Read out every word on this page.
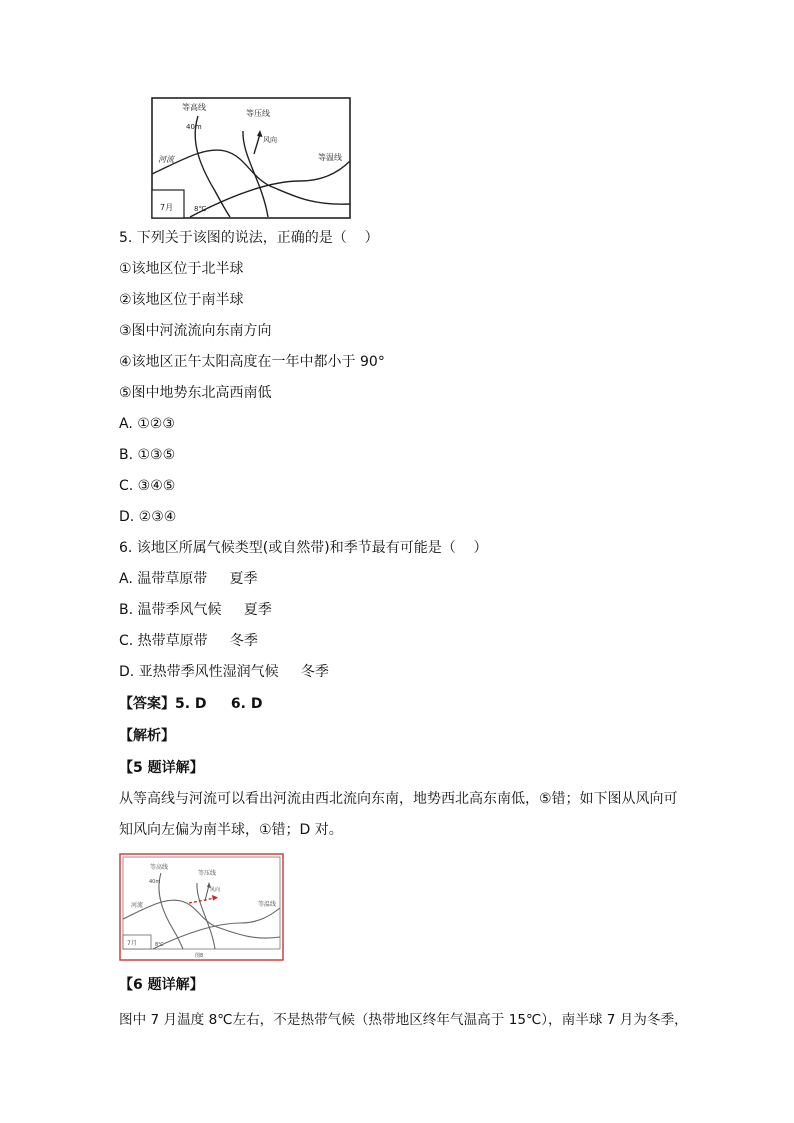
等高线
40m
等压线
风向
河流	等温线
7月	8℃
5. 下列关于该图的说法，正确的是（    ）
①该地区位于北半球
②该地区位于南半球
③图中河流流向东南方向
④该地区正午太阳高度在一年中都小于 90°
⑤图中地势东北高西南低
A. ①②③
B. ①③⑤
C. ③④⑤
D. ②③④
6. 该地区所属气候类型(或自然带)和季节最有可能是（    ）
A. 温带草原带     夏季
B. 温带季风气候     夏季
C. 热带草原带     冬季
D. 亚热带季风性湿润气候     冬季
【答案】5. D     6. D
【解析】
【5 题详解】
从等高线与河流可以看出河流由西北流向东南，地势西北高东南低，⑤错；如下图从风向可
知风向左偏为南半球，①错；D 对。
等高线
40m
等压线
风向
河流	等温线
7月	8℃
图8
【6 题详解】
图中 7 月温度 8℃左右，不是热带气候（热带地区终年气温高于 15℃），南半球 7 月为冬季，
